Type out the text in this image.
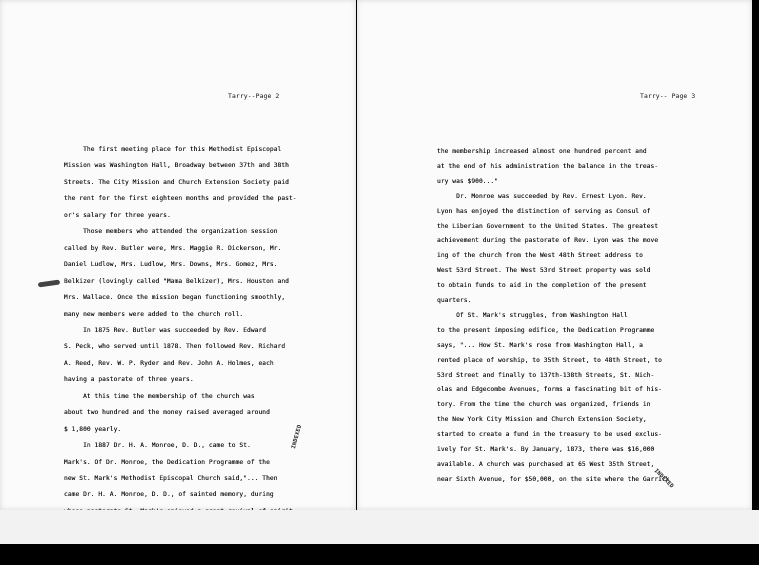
Tarry--Page 2
The first meeting place for this Methodist Episcopal
Mission was Washington Hall, Broadway between 37th and 38th
Streets. The City Mission and Church Extension Society paid
the rent for the first eighteen months and provided the past-
or's salary for three years.
Those members who attended the organization session
called by Rev. Butler were, Mrs. Maggie R. Dickerson, Mr.
Daniel Ludlow, Mrs. Ludlow, Mrs. Downs, Mrs. Gomez, Mrs.
Belkizer (lovingly called "Mama Belkizer), Mrs. Houston and
Mrs. Wallace. Once the mission began functioning smoothly,
many new members were added to the church roll.
In 1875 Rev. Butler was succeeded by Rev. Edward
S. Peck, who served until 1878. Then followed Rev. Richard
A. Reed, Rev. W. P. Ryder and Rev. John A. Holmes, each
having a pastorate of three years.
At this time the membership of the church was
about two hundred and the money raised averaged around
$ 1,800 yearly.
In 1887 Dr. H. A. Monroe, D. D., came to St.
Mark's. Of Dr. Monroe, the Dedication Programme of the
new St. Mark's Methodist Episcopal Church said,"... Then
came Dr. H. A. Monroe, D. D., of sainted memory, during
INDEXED
Tarry-- Page 3
the membership increased almost one hundred percent and
at the end of his administration the balance in the treas-
ury was $900..."
Dr. Monroe was succeeded by Rev. Ernest Lyon. Rev.
Lyon has enjoyed the distinction of serving as Consul of
the Liberian Government to the United States. The greatest
achievement during the pastorate of Rev. Lyon was the move
ing of the church from the West 48th Street address to
West 53rd Street. The West 53rd Street property was sold
to obtain funds to aid in the completion of the present
quarters.
Of St. Mark's struggles, from Washington Hall
to the present imposing edifice, the Dedication Programme
says, "... How St. Mark's rose from Washington Hall, a
rented place of worship, to 35th Street, to 48th Street, to
53rd Street and finally to 137th-138th Streets, St. Nich-
olas and Edgecombe Avenues, forms a fascinating bit of his-
tory. From the time the church was organized, friends in
the New York City Mission and Church Extension Society,
started to create a fund in the treasury to be used exclus-
ively for St. Mark's. By January, 1873, there was $16,000
available. A church was purchased at 65 West 35th Street,
near Sixth Avenue, for $50,000, on the site where the Garrick
INDEXED
